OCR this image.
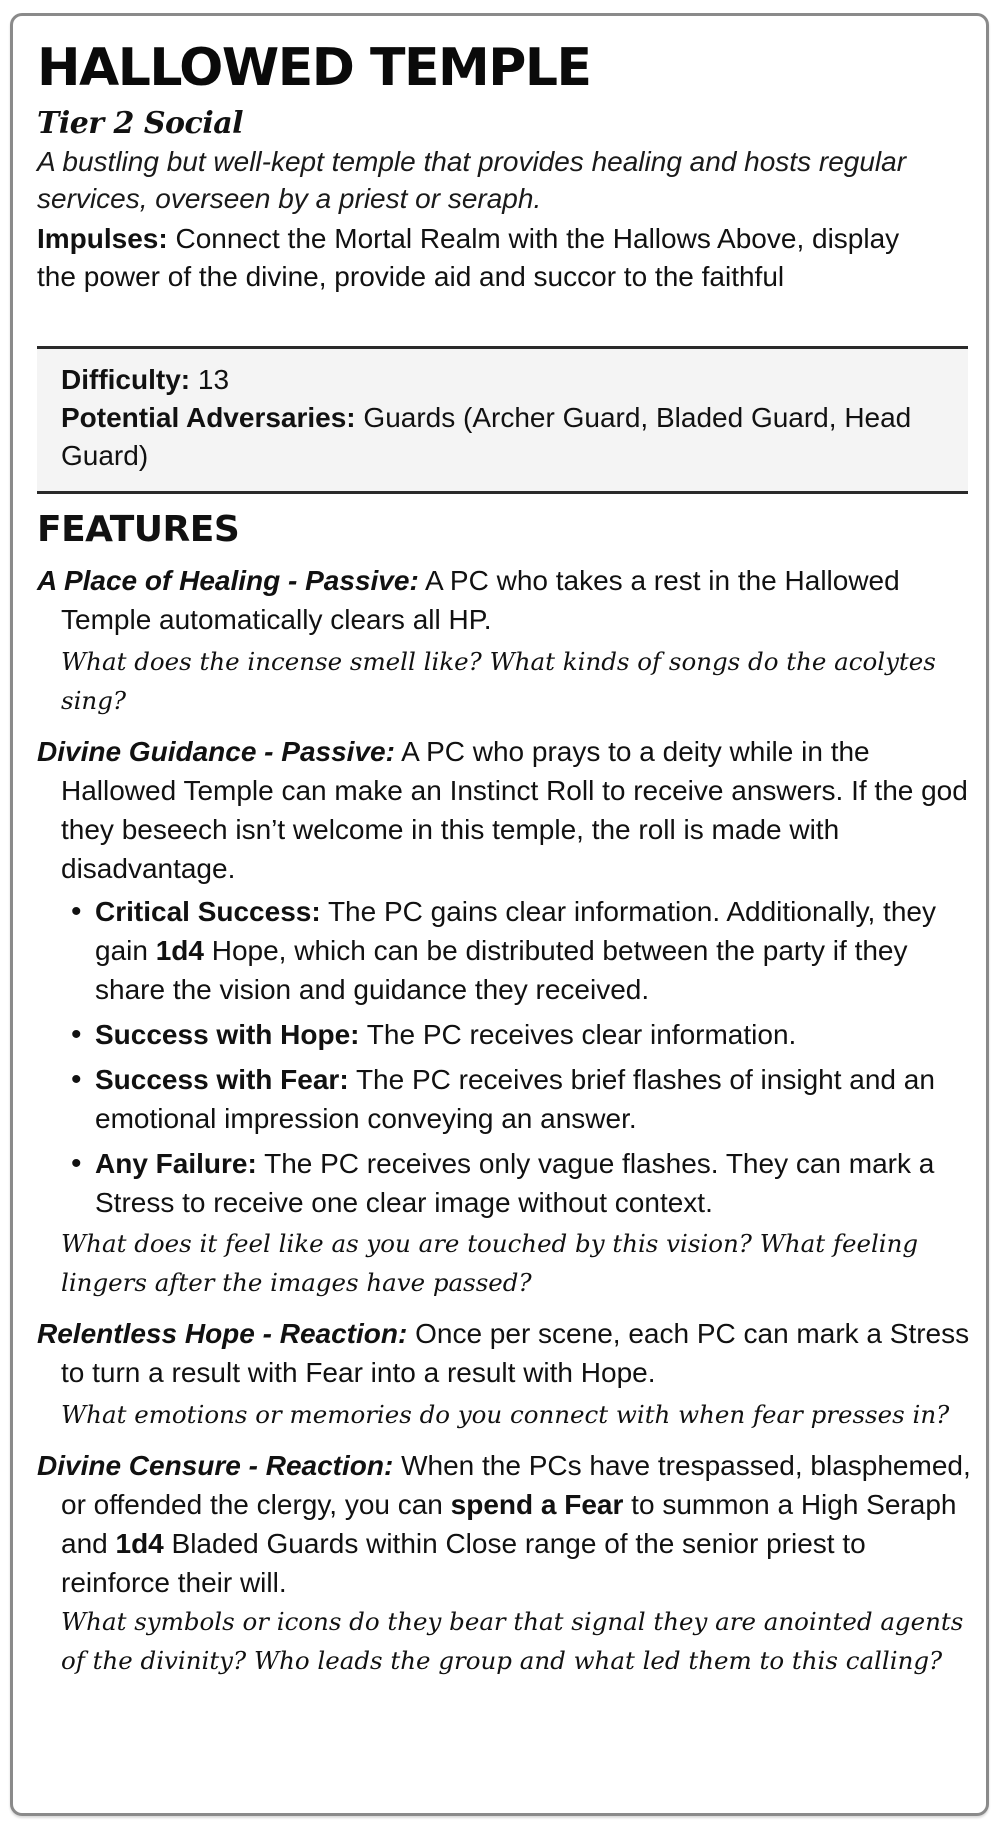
HALLOWED TEMPLE
Tier 2 Social
A bustling but well-kept temple that provides healing and hosts regular services, overseen by a priest or seraph.
Impulses: Connect the Mortal Realm with the Hallows Above, display the power of the divine, provide aid and succor to the faithful
Difficulty: 13
Potential Adversaries: Guards (Archer Guard, Bladed Guard, Head Guard)
FEATURES
A Place of Healing - Passive: A PC who takes a rest in the Hallowed Temple automatically clears all HP.
What does the incense smell like? What kinds of songs do the acolytes sing?
Divine Guidance - Passive: A PC who prays to a deity while in the Hallowed Temple can make an Instinct Roll to receive answers. If the god they beseech isn’t welcome in this temple, the roll is made with disadvantage.
• Critical Success: The PC gains clear information. Additionally, they gain 1d4 Hope, which can be distributed between the party if they share the vision and guidance they received.
• Success with Hope: The PC receives clear information.
• Success with Fear: The PC receives brief flashes of insight and an emotional impression conveying an answer.
• Any Failure: The PC receives only vague flashes. They can mark a Stress to receive one clear image without context.
What does it feel like as you are touched by this vision? What feeling lingers after the images have passed?
Relentless Hope - Reaction: Once per scene, each PC can mark a Stress to turn a result with Fear into a result with Hope.
What emotions or memories do you connect with when fear presses in?
Divine Censure - Reaction: When the PCs have trespassed, blasphemed, or offended the clergy, you can spend a Fear to summon a High Seraph and 1d4 Bladed Guards within Close range of the senior priest to reinforce their will.
What symbols or icons do they bear that signal they are anointed agents of the divinity? Who leads the group and what led them to this calling?
